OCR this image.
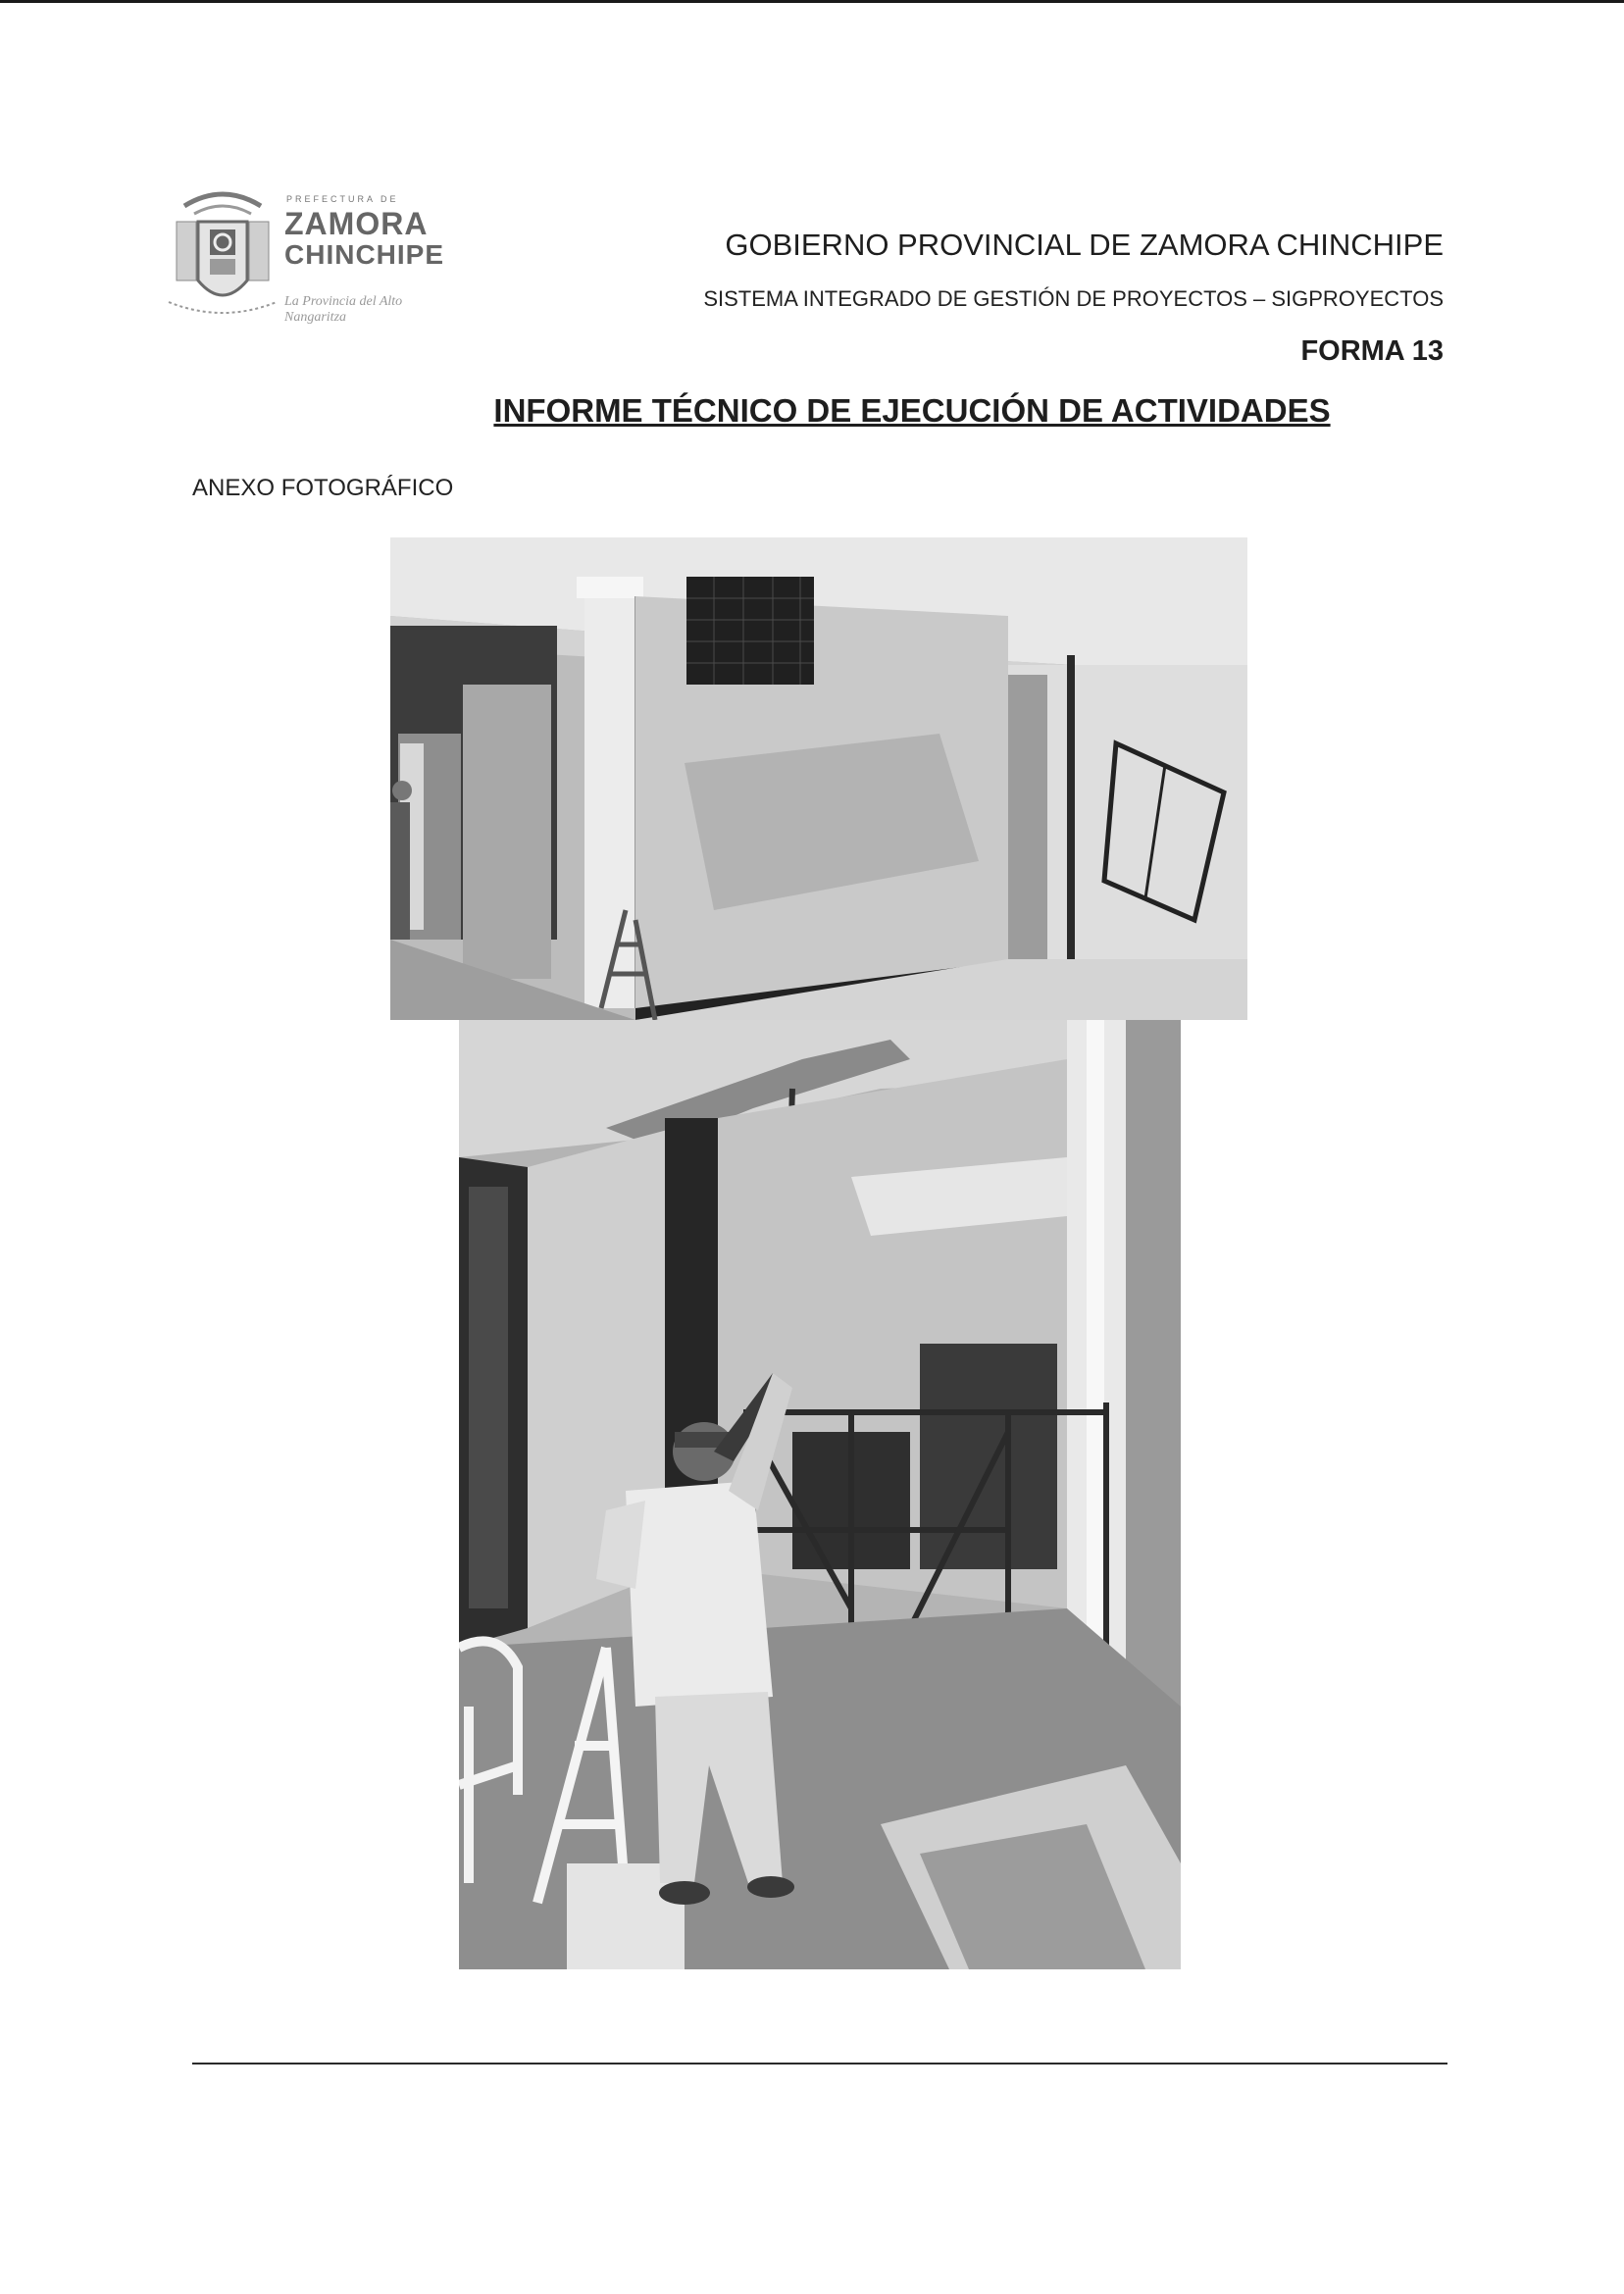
PREFECTURA DE
ZAMORA
CHINCHIPE
La Provincia del Alto Nangaritza
GOBIERNO PROVINCIAL DE ZAMORA CHINCHIPE
SISTEMA INTEGRADO DE GESTIÓN DE PROYECTOS – SIGPROYECTOS
FORMA 13
INFORME TÉCNICO DE EJECUCIÓN DE ACTIVIDADES
ANEXO FOTOGRÁFICO
